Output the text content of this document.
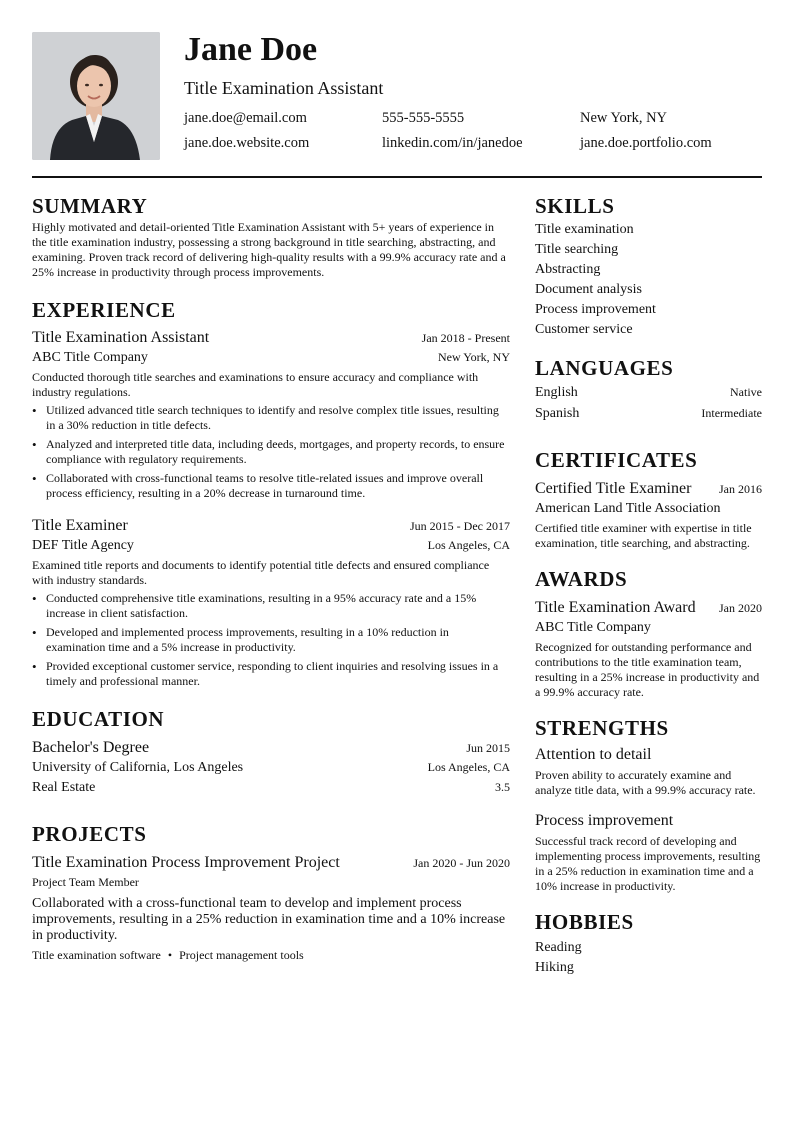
Jane Doe
Title Examination Assistant
jane.doe@email.com	555-555-5555	New York, NY
jane.doe.website.com	linkedin.com/in/janedoe	jane.doe.portfolio.com
SUMMARY

Highly motivated and detail-oriented Title Examination Assistant with 5+ years of experience in the title examination industry, possessing a strong background in title searching, abstracting, and examining. Proven track record of delivering high-quality results with a 99.9% accuracy rate and a 25% increase in productivity through process improvements.

EXPERIENCE
Title Examination Assistant	Jan 2018 - Present
ABC Title Company	New York, NY

Conducted thorough title searches and examinations to ensure accuracy and compliance with industry regulations.

• Utilized advanced title search techniques to identify and resolve complex title issues, resulting in a 30% reduction in title defects.
• Analyzed and interpreted title data, including deeds, mortgages, and property records, to ensure compliance with regulatory requirements.
• Collaborated with cross-functional teams to resolve title-related issues and improve overall process efficiency, resulting in a 20% decrease in turnaround time.
Title Examiner	Jun 2015 - Dec 2017
DEF Title Agency	Los Angeles, CA

Examined title reports and documents to identify potential title defects and ensured compliance with industry standards.

• Conducted comprehensive title examinations, resulting in a 95% accuracy rate and a 15% increase in client satisfaction.
• Developed and implemented process improvements, resulting in a 10% reduction in examination time and a 5% increase in productivity.
• Provided exceptional customer service, responding to client inquiries and resolving issues in a timely and professional manner.
EDUCATION
Bachelor's Degree	Jun 2015
University of California, Los Angeles	Los Angeles, CA
Real Estate	3.5
PROJECTS
Title Examination Process Improvement Project	Jan 2020 - Jun 2020
Project Team Member

Collaborated with a cross-functional team to develop and implement process improvements, resulting in a 25% reduction in examination time and a 10% increase in productivity.

Title examination software • Project management tools
SKILLS
Title examination
Title searching
Abstracting
Document analysis
Process improvement
Customer service
LANGUAGES
English	Native
Spanish	Intermediate
CERTIFICATES
Certified Title Examiner Jan 2016
American Land Title Association

Certified title examiner with expertise in title examination, title searching, and abstracting.

AWARDS
Title Examination Award Jan 2020
ABC Title Company

Recognized for outstanding performance and contributions to the title examination team, resulting in a 25% increase in productivity and a 99.9% accuracy rate.

STRENGTHS
Attention to detail

Proven ability to accurately examine and analyze title data, with a 99.9% accuracy rate.

Process improvement

Successful track record of developing and implementing process improvements, resulting in a 25% reduction in examination time and a 10% increase in productivity.

HOBBIES
Reading
Hiking
